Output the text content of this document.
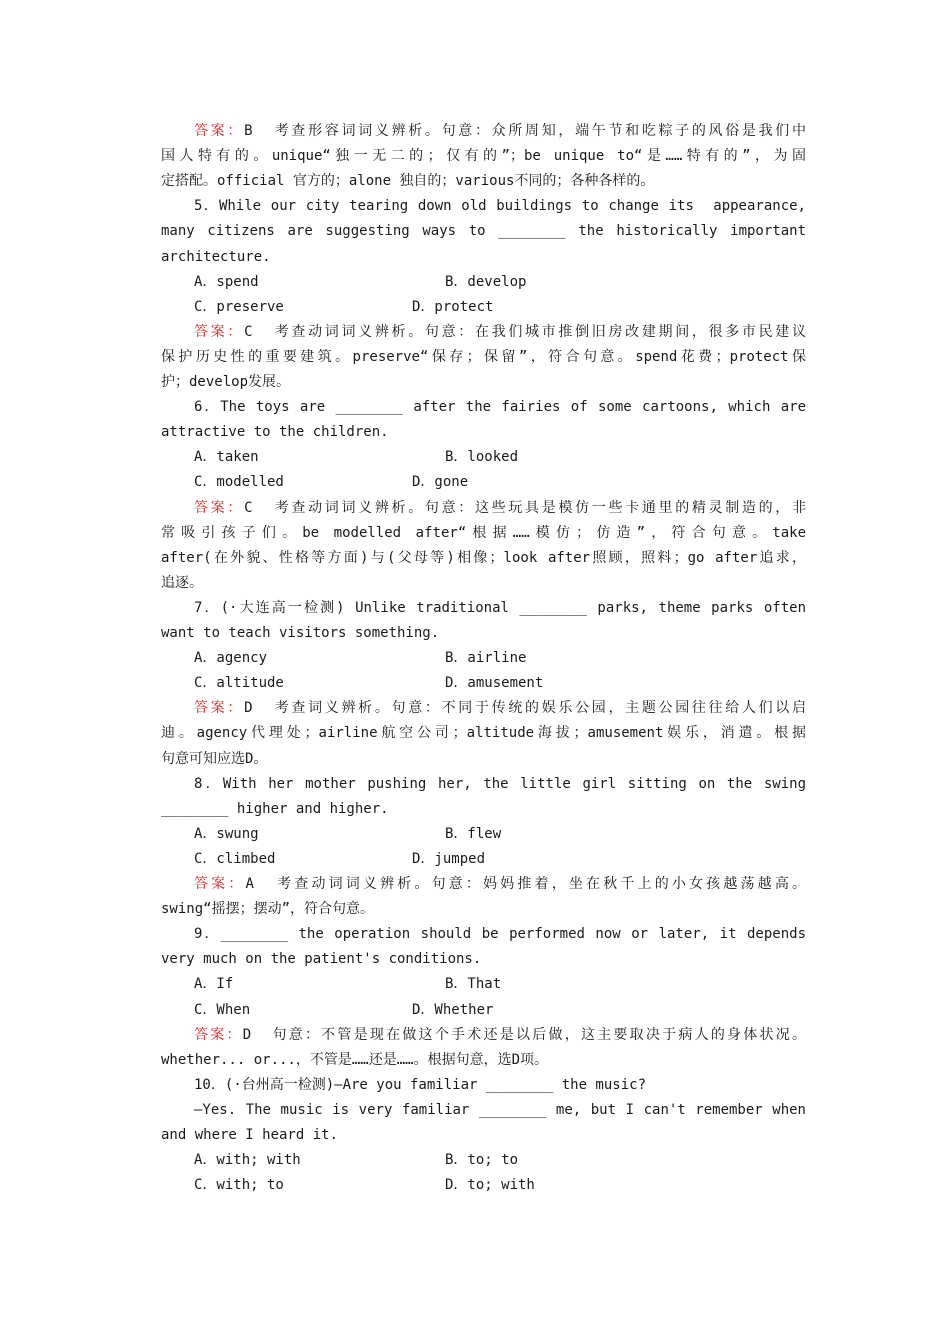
答案：B  考查形容词词义辨析。句意：众所周知，端午节和吃粽子的风俗是我们中
国人特有的。unique“独一无二的；仅有的”；be unique to“是……特有的”，为固
定搭配。official 官方的；alone 独自的；various不同的；各种各样的。
5．While our city tearing down old buildings to change its  appearance,
many citizens are suggesting ways to ________ the historically important
architecture.
A．spend	B．develop
C．preserve	D．protect
答案：C  考查动词词义辨析。句意：在我们城市推倒旧房改建期间，很多市民建议
保护历史性的重要建筑。preserve“保存；保留”，符合句意。spend花费；protect保
护；develop发展。
6．The toys are ________ after the fairies of some cartoons, which are
attractive to the children.
A．taken	B．looked
C．modelled	D．gone
答案：C  考查动词词义辨析。句意：这些玩具是模仿一些卡通里的精灵制造的，非
常吸引孩子们。be modelled after“根据……模仿；仿造”，符合句意。take
after(在外貌、性格等方面)与(父母等)相像；look after照顾，照料；go after追求，
追逐。
7．(·大连高一检测) Unlike traditional ________ parks, theme parks often
want to teach visitors something.
A．agency	B．airline
C．altitude	D．amusement
答案：D  考查词义辨析。句意：不同于传统的娱乐公园，主题公园往往给人们以启
迪。agency代理处；airline航空公司；altitude海拔；amusement娱乐，消遣。根据
句意可知应选D。
8．With her mother pushing her, the little girl sitting on the swing
________ higher and higher.
A．swung	B．flew
C．climbed	D．jumped
答案：A  考查动词词义辨析。句意：妈妈推着，坐在秋千上的小女孩越荡越高。
swing“摇摆；摆动”，符合句意。
9．________ the operation should be performed now or later, it depends
very much on the patient's conditions.
A．If	B．That
C．When	D．Whether
答案：D  句意：不管是现在做这个手术还是以后做，这主要取决于病人的身体状况。
whether... or...，不管是……还是……。根据句意，选D项。
10．(·台州高一检测)—Are you familiar ________ the music?
—Yes. The music is very familiar ________ me, but I can't remember when
and where I heard it.
A．with; with	B．to; to
C．with; to	D．to; with
